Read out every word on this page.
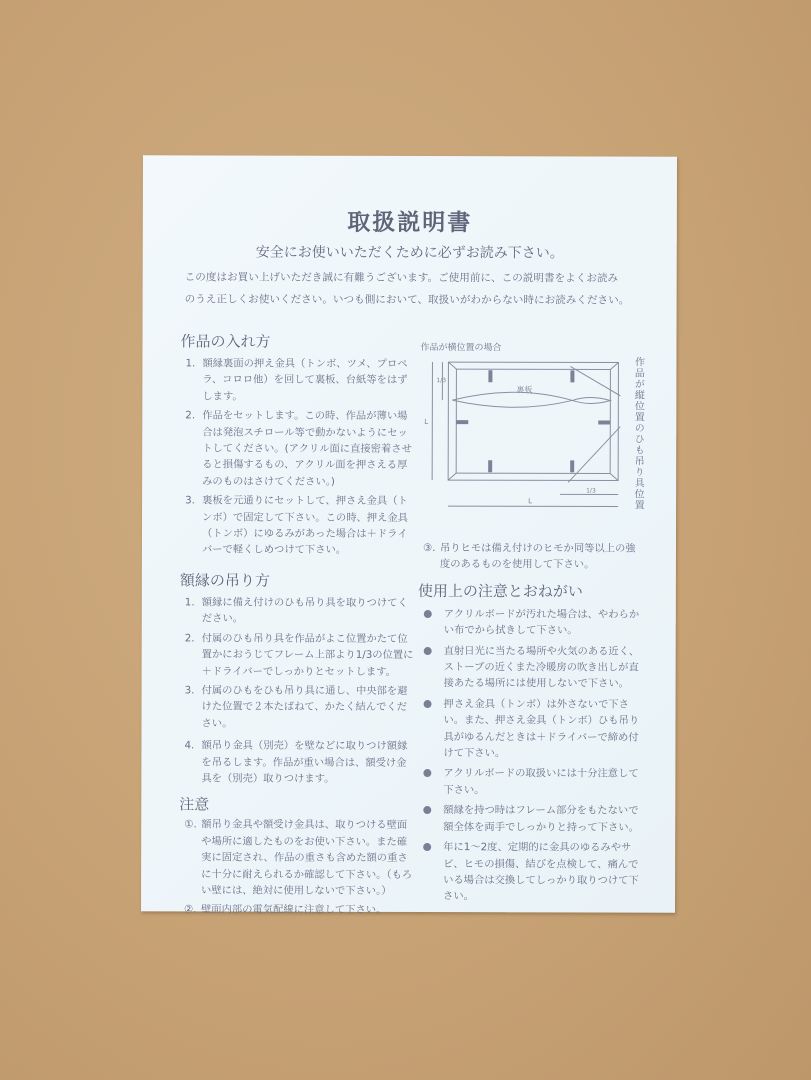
取扱説明書
安全にお使いいただくために必ずお読み下さい。

この度はお買い上げいただき誠に有難うございます。ご使用前に、この説明書をよくお読み

のうえ正しくお使いください。いつも側において、取扱いがわからない時にお読みください。

作品の入れ方
1. 額縁裏面の押え金具（トンボ、ツメ、プロペラ、コロロ他）を回して裏板、台紙等をはずします。
2. 作品をセットします。この時、作品が薄い場合は発泡スチロール等で動かないようにセットしてください。(アクリル面に直接密着させると損傷するもの、アクリル面を押さえる厚みのものはさけてください。)
3. 裏板を元通りにセットして、押さえ金具（トンボ）で固定して下さい。この時、押え金具（トンボ）にゆるみがあった場合は＋ドライバーで軽くしめつけて下さい。
額縁の吊り方
1. 額縁に備え付けのひも吊り具を取りつけてください。
2. 付属のひも吊り具を作品がよこ位置かたて位置かにおうじてフレーム上部より1/3の位置に＋ドライバーでしっかりとセットします。
3. 付属のひもをひも吊り具に通し、中央部を避けた位置で２本たばねて、かたく結んでください。
4. 額吊り金具（別売）を壁などに取りつけ額縁を吊るします。作品が重い場合は、額受け金具を（別売）取りつけます。
注意
①. 額吊り金具や額受け金具は、取りつける壁面や場所に適したものをお使い下さい。また確実に固定され、作品の重さも含めた額の重さに十分に耐えられるか確認して下さい。（もろい壁には、絶対に使用しないで下さい。）
②. 壁面内部の電気配線に注意して下さい。
作品が横位置の場合
裏板
1/3
L
L
1/3	作品が縦位置のひも吊り具位置
③. 吊りヒモは備え付けのヒモか同等以上の強度のあるものを使用して下さい。
使用上の注意とおねがい
アクリルボードが汚れた場合は、やわらかい布でから拭きして下さい。
直射日光に当たる場所や火気のある近く、ストーブの近くまた冷暖房の吹き出しが直接あたる場所には使用しないで下さい。
押さえ金具（トンボ）は外さないで下さい。また、押さえ金具（トンボ）ひも吊り具がゆるんだときは＋ドライバーで締め付けて下さい。
アクリルボードの取扱いには十分注意して下さい。
額縁を持つ時はフレーム部分をもたないで額全体を両手でしっかりと持って下さい。
年に1～2度、定期的に金具のゆるみやサビ、ヒモの損傷、結びを点検して、痛んでいる場合は交換してしっかり取りつけて下さい。
